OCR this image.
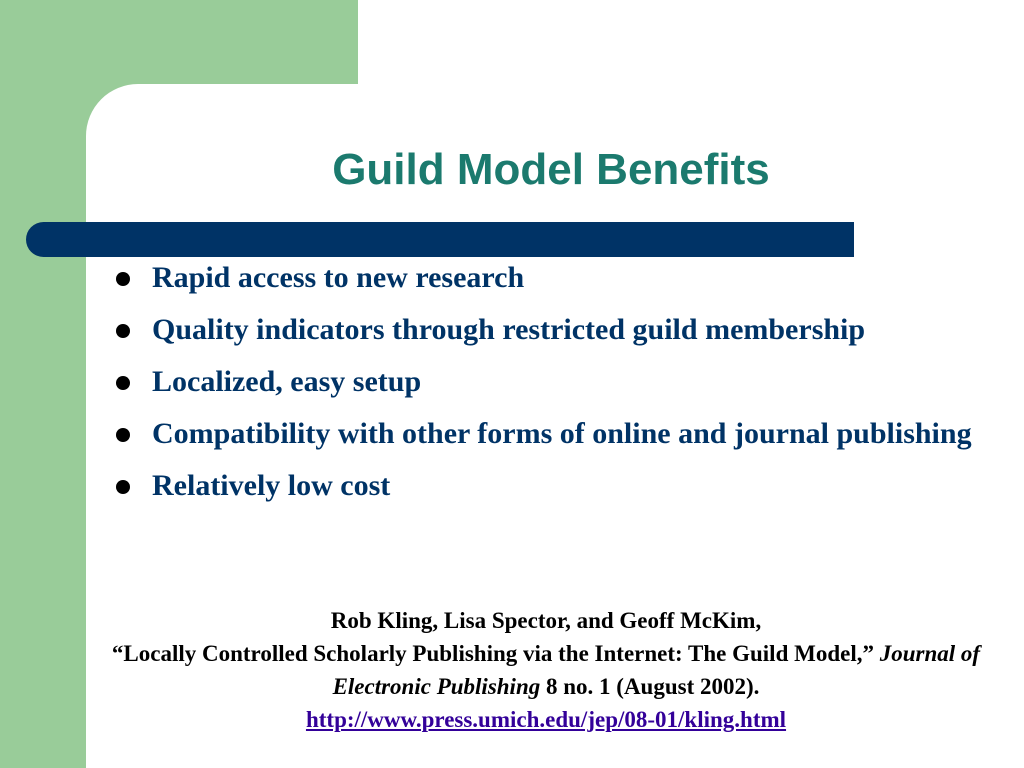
Guild Model Benefits
Rapid access to new research
Quality indicators through restricted guild membership
Localized, easy setup
Compatibility with other forms of online and journal publishing
Relatively low cost
Rob Kling, Lisa Spector, and Geoff McKim,
“Locally Controlled Scholarly Publishing via the Internet: The Guild Model,” Journal of Electronic Publishing 8 no. 1 (August 2002).
http://www.press.umich.edu/jep/08-01/kling.html
